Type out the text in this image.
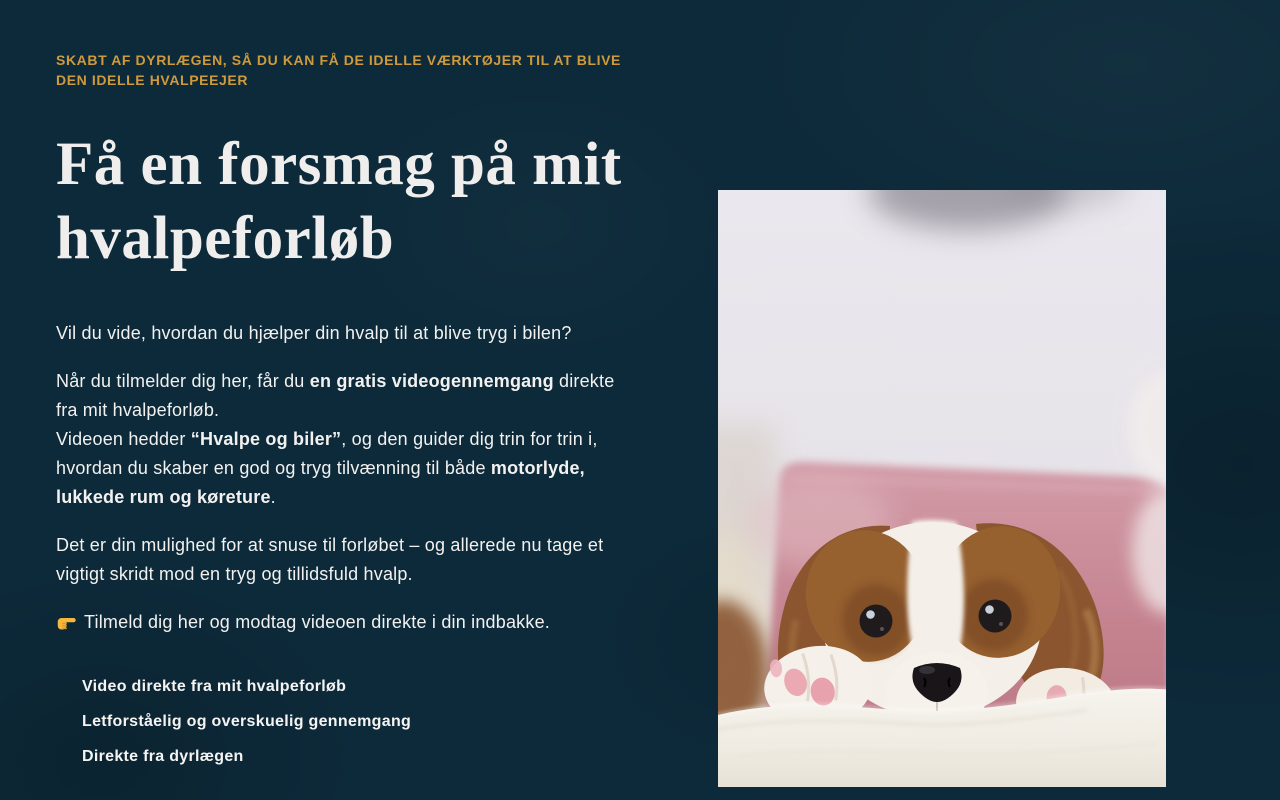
SKABT AF DYRLÆGEN, SÅ DU KAN FÅ DE IDELLE VÆRKTØJER TIL AT BLIVE DEN IDELLE HVALPEEJER
Få en forsmag på mit hvalpeforløb

Vil du vide, hvordan du hjælper din hvalp til at blive tryg i bilen?

Når du tilmelder dig her, får du en gratis videogennemgang direkte fra mit hvalpeforløb.
Videoen hedder “Hvalpe og biler”, og den guider dig trin for trin i, hvordan du skaber en god og tryg tilvænning til både motorlyde, lukkede rum og køreture.

Det er din mulighed for at snuse til forløbet – og allerede nu tage et vigtigt skridt mod en tryg og tillidsfuld hvalp.

Tilmeld dig her og modtag videoen direkte i din indbakke.

Video direkte fra mit hvalpeforløb
Letforståelig og overskuelig gennemgang
Direkte fra dyrlægen
